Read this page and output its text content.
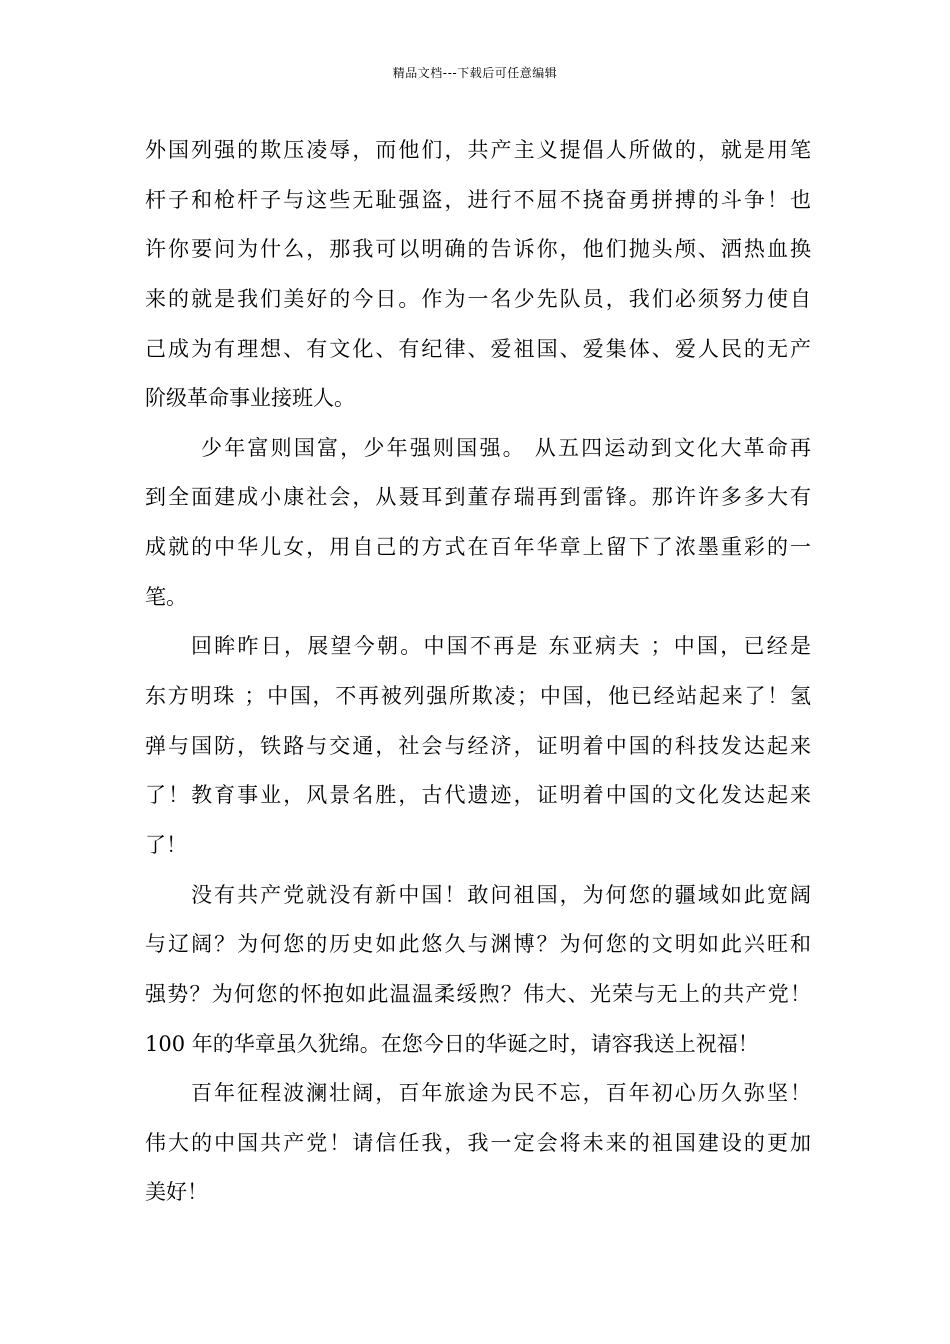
精品文档---下载后可任意编辑
外国列强的欺压凌辱，而他们，共产主义提倡人所做的，就是用笔
杆子和枪杆子与这些无耻强盗，进行不屈不挠奋勇拼搏的斗争！也
许你要问为什么，那我可以明确的告诉你，他们抛头颅、洒热血换
来的就是我们美好的今日。作为一名少先队员，我们必须努力使自
己成为有理想、有文化、有纪律、爱祖国、爱集体、爱人民的无产
阶级革命事业接班人。
少年富则国富，少年强则国强。 从五四运动到文化大革命再
到全面建成小康社会，从聂耳到董存瑞再到雷锋。那许许多多大有
成就的中华儿女，用自己的方式在百年华章上留下了浓墨重彩的一
笔。
回眸昨日，展望今朝。中国不再是 东亚病夫 ；中国，已经是
东方明珠 ；中国，不再被列强所欺凌；中国，他已经站起来了！氢
弹与国防，铁路与交通，社会与经济，证明着中国的科技发达起来
了！教育事业，风景名胜，古代遗迹，证明着中国的文化发达起来
了！
没有共产党就没有新中国！敢问祖国，为何您的疆域如此宽阔
与辽阔？为何您的历史如此悠久与渊博？为何您的文明如此兴旺和
强势？为何您的怀抱如此温温柔绥煦？伟大、光荣与无上的共产党！
100 年的华章虽久犹绵。在您今日的华诞之时，请容我送上祝福！
百年征程波澜壮阔，百年旅途为民不忘，百年初心历久弥坚！
伟大的中国共产党！请信任我，我一定会将未来的祖国建设的更加
美好！
